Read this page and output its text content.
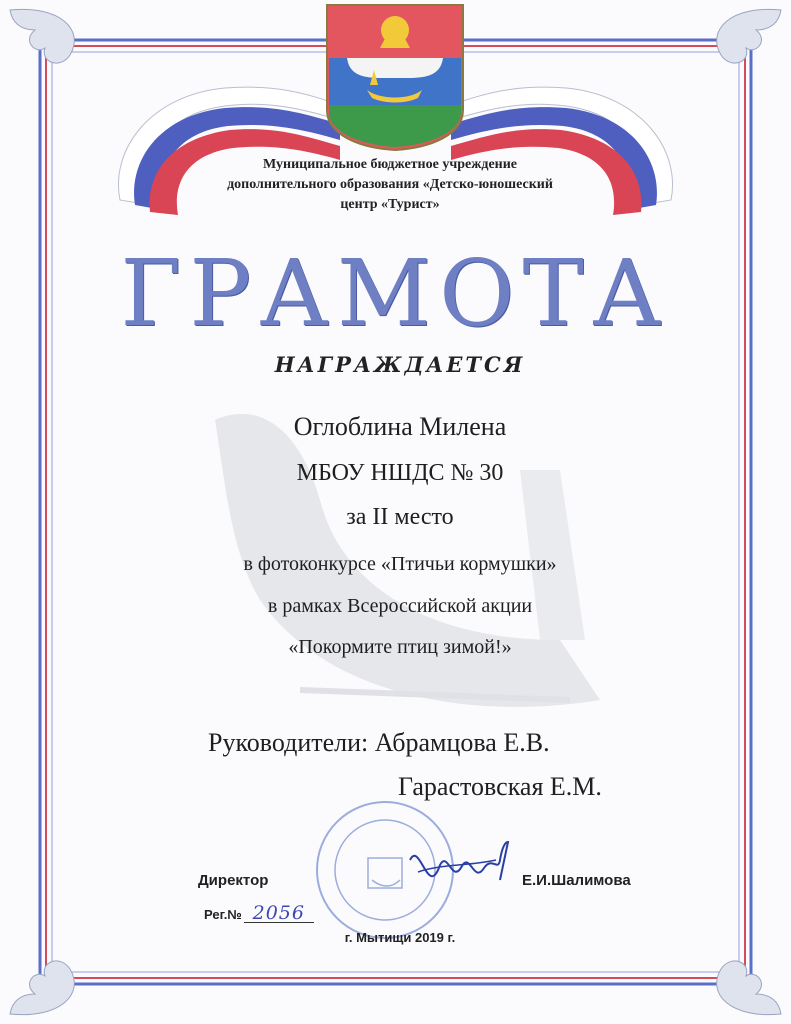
Муниципальное бюджетное учреждение
дополнительного образования «Детско-юношеский
центр «Турист»
ГРАМОТА
НАГРАЖДАЕТСЯ
Оглоблина Милена
МБОУ НШДС № 30
за II место
в фотоконкурсе «Птичьи кормушки»
в рамках Всероссийской акции
«Покормите птиц зимой!»
Руководители: Абрамцова Е.В.
Гарастовская Е.М.
Директор	Е.И.Шалимова
Рег.№ 2056
г. Мытищи 2019 г.
